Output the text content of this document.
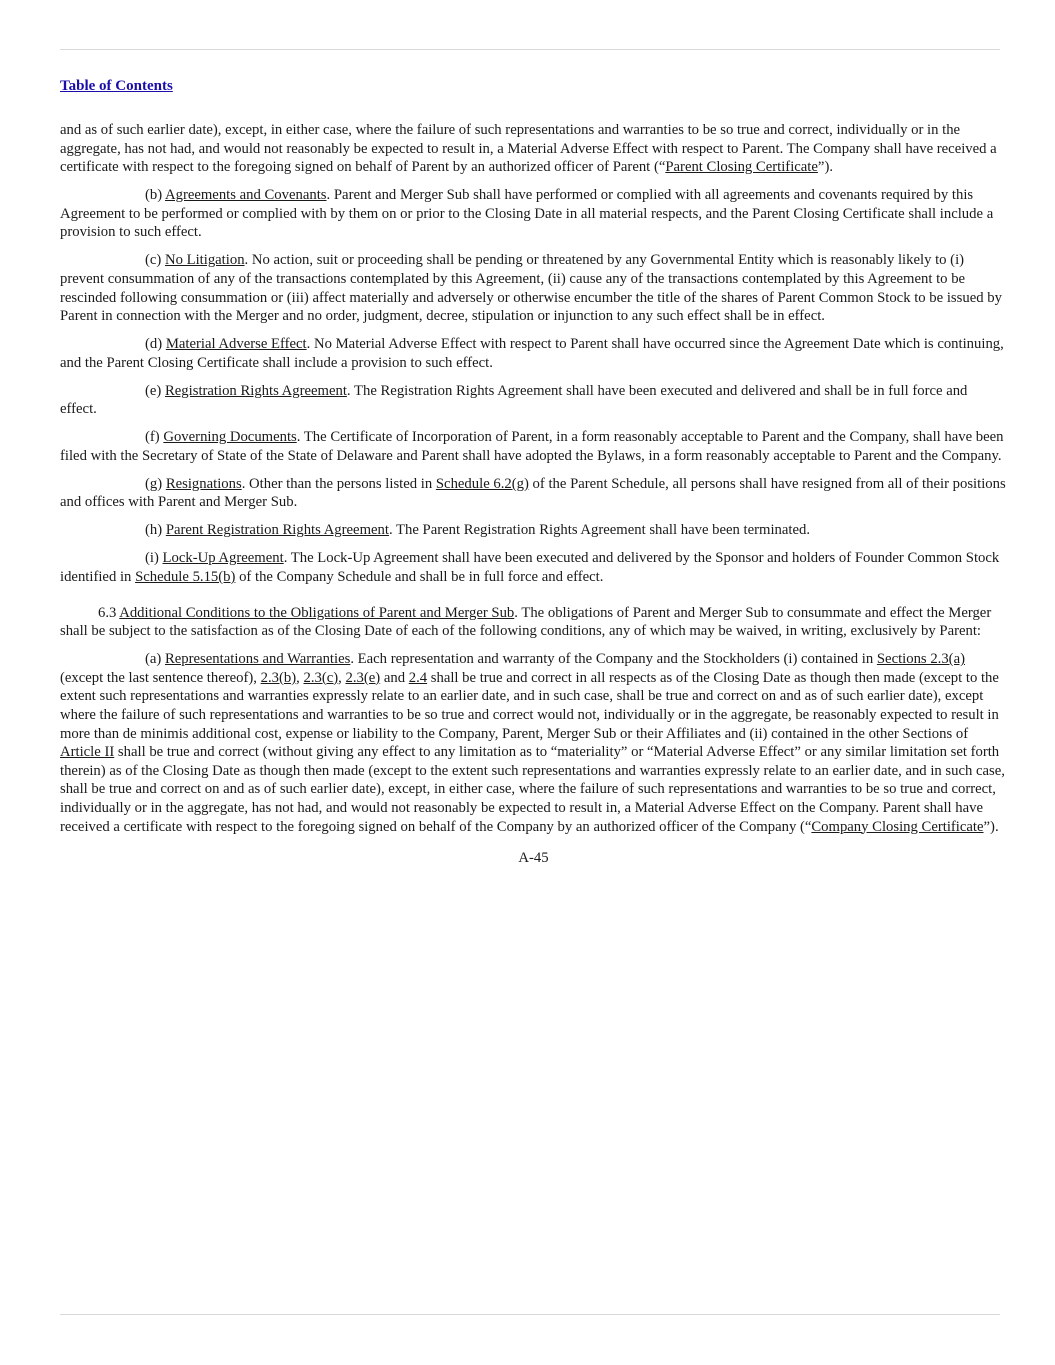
Table of Contents

and as of such earlier date), except, in either case, where the failure of such representations and warranties to be so true and correct, individually or in the aggregate, has not had, and would not reasonably be expected to result in, a Material Adverse Effect with respect to Parent. The Company shall have received a certificate with respect to the foregoing signed on behalf of Parent by an authorized officer of Parent (“Parent Closing Certificate”).

(b) Agreements and Covenants. Parent and Merger Sub shall have performed or complied with all agreements and covenants required by this Agreement to be performed or complied with by them on or prior to the Closing Date in all material respects, and the Parent Closing Certificate shall include a provision to such effect.

(c) No Litigation. No action, suit or proceeding shall be pending or threatened by any Governmental Entity which is reasonably likely to (i) prevent consummation of any of the transactions contemplated by this Agreement, (ii) cause any of the transactions contemplated by this Agreement to be rescinded following consummation or (iii) affect materially and adversely or otherwise encumber the title of the shares of Parent Common Stock to be issued by Parent in connection with the Merger and no order, judgment, decree, stipulation or injunction to any such effect shall be in effect.

(d) Material Adverse Effect. No Material Adverse Effect with respect to Parent shall have occurred since the Agreement Date which is continuing, and the Parent Closing Certificate shall include a provision to such effect.

(e) Registration Rights Agreement. The Registration Rights Agreement shall have been executed and delivered and shall be in full force and effect.

(f) Governing Documents. The Certificate of Incorporation of Parent, in a form reasonably acceptable to Parent and the Company, shall have been filed with the Secretary of State of the State of Delaware and Parent shall have adopted the Bylaws, in a form reasonably acceptable to Parent and the Company.

(g) Resignations. Other than the persons listed in Schedule 6.2(g) of the Parent Schedule, all persons shall have resigned from all of their positions and offices with Parent and Merger Sub.

(h) Parent Registration Rights Agreement. The Parent Registration Rights Agreement shall have been terminated.

(i) Lock-Up Agreement. The Lock-Up Agreement shall have been executed and delivered by the Sponsor and holders of Founder Common Stock identified in Schedule 5.15(b) of the Company Schedule and shall be in full force and effect.

6.3 Additional Conditions to the Obligations of Parent and Merger Sub. The obligations of Parent and Merger Sub to consummate and effect the Merger shall be subject to the satisfaction as of the Closing Date of each of the following conditions, any of which may be waived, in writing, exclusively by Parent:

(a) Representations and Warranties. Each representation and warranty of the Company and the Stockholders (i) contained in Sections 2.3(a) (except the last sentence thereof), 2.3(b), 2.3(c), 2.3(e) and 2.4 shall be true and correct in all respects as of the Closing Date as though then made (except to the extent such representations and warranties expressly relate to an earlier date, and in such case, shall be true and correct on and as of such earlier date), except where the failure of such representations and warranties to be so true and correct would not, individually or in the aggregate, be reasonably expected to result in more than de minimis additional cost, expense or liability to the Company, Parent, Merger Sub or their Affiliates and (ii) contained in the other Sections of Article II shall be true and correct (without giving any effect to any limitation as to “materiality” or “Material Adverse Effect” or any similar limitation set forth therein) as of the Closing Date as though then made (except to the extent such representations and warranties expressly relate to an earlier date, and in such case, shall be true and correct on and as of such earlier date), except, in either case, where the failure of such representations and warranties to be so true and correct, individually or in the aggregate, has not had, and would not reasonably be expected to result in, a Material Adverse Effect on the Company. Parent shall have received a certificate with respect to the foregoing signed on behalf of the Company by an authorized officer of the Company (“Company Closing Certificate”).

A-45
